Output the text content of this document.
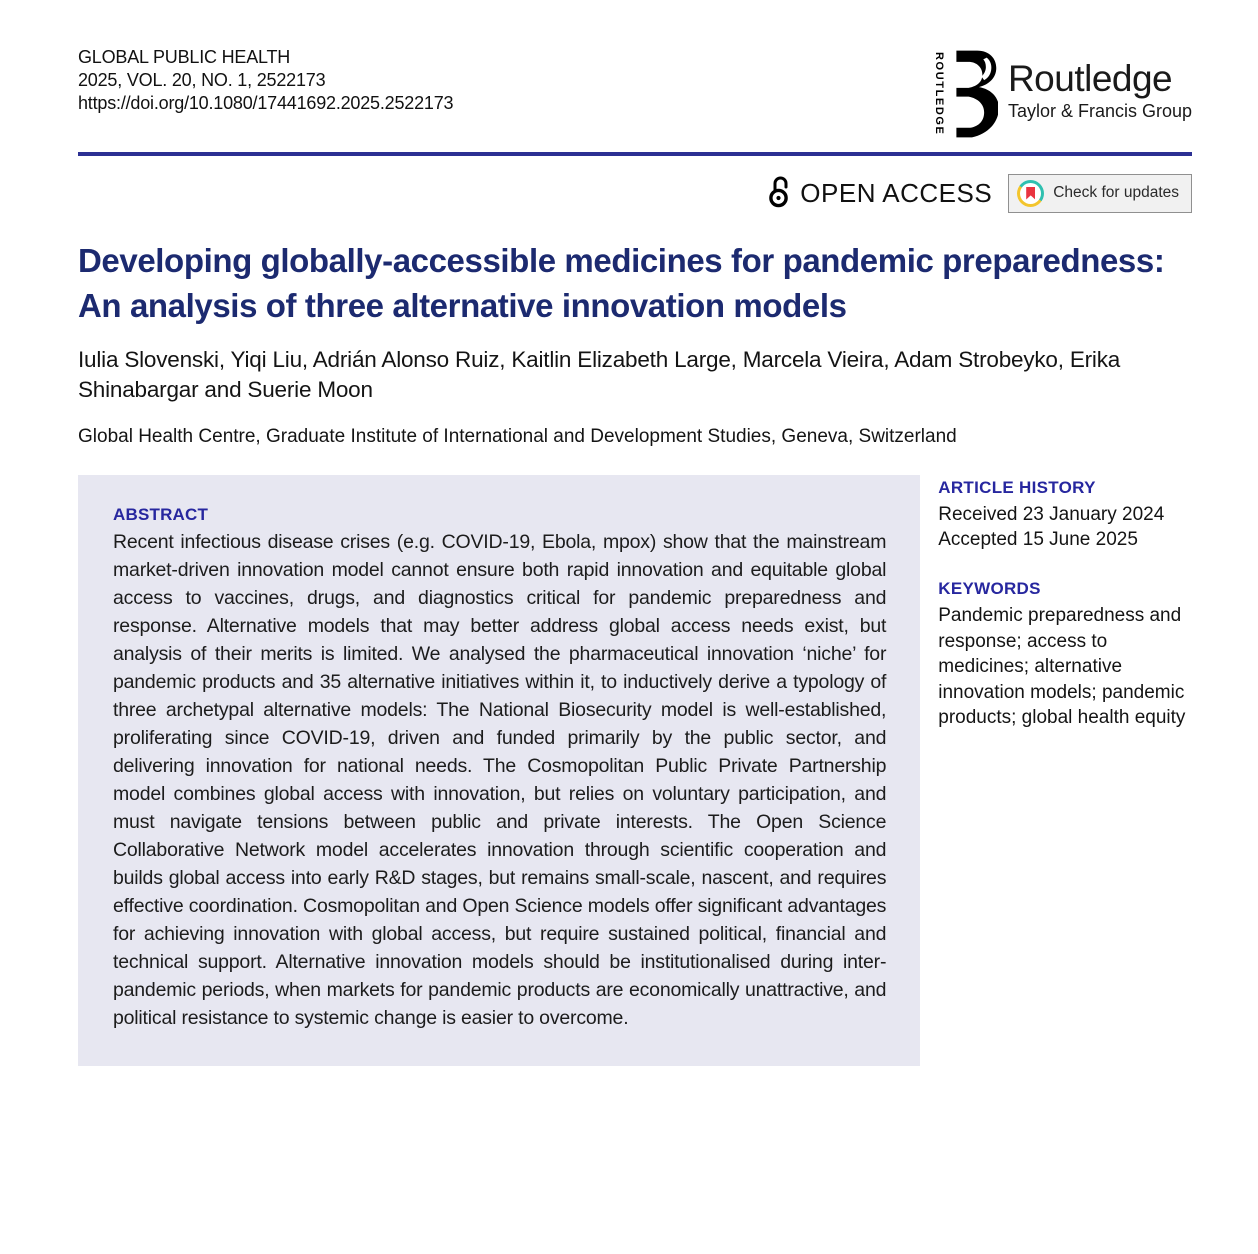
GLOBAL PUBLIC HEALTH
2025, VOL. 20, NO. 1, 2522173
https://doi.org/10.1080/17441692.2025.2522173	ROUTLEDGE Routledge
Taylor & Francis Group
OPEN ACCESS	Check for updates
Developing globally-accessible medicines for pandemic preparedness: An analysis of three alternative innovation models
Iulia Slovenski, Yiqi Liu, Adrián Alonso Ruiz, Kaitlin Elizabeth Large, Marcela Vieira, Adam Strobeyko, Erika Shinabargar and Suerie Moon
Global Health Centre, Graduate Institute of International and Development Studies, Geneva, Switzerland
ABSTRACT

Recent infectious disease crises (e.g. COVID-19, Ebola, mpox) show that the mainstream market-driven innovation model cannot ensure both rapid innovation and equitable global access to vaccines, drugs, and diagnostics critical for pandemic preparedness and response. Alternative models that may better address global access needs exist, but analysis of their merits is limited. We analysed the pharmaceutical innovation ‘niche’ for pandemic products and 35 alternative initiatives within it, to inductively derive a typology of three archetypal alternative models: The National Biosecurity model is well-established, proliferating since COVID-19, driven and funded primarily by the public sector, and delivering innovation for national needs. The Cosmopolitan Public Private Partnership model combines global access with innovation, but relies on voluntary participation, and must navigate tensions between public and private interests. The Open Science Collaborative Network model accelerates innovation through scientific cooperation and builds global access into early R&D stages, but remains small-scale, nascent, and requires effective coordination. Cosmopolitan and Open Science models offer significant advantages for achieving innovation with global access, but require sustained political, financial and technical support. Alternative innovation models should be institutionalised during inter-pandemic periods, when markets for pandemic products are economically unattractive, and political resistance to systemic change is easier to overcome.

ARTICLE HISTORY
Received 23 January 2024
Accepted 15 June 2025
KEYWORDS
Pandemic preparedness and response; access to medicines; alternative innovation models; pandemic products; global health equity
